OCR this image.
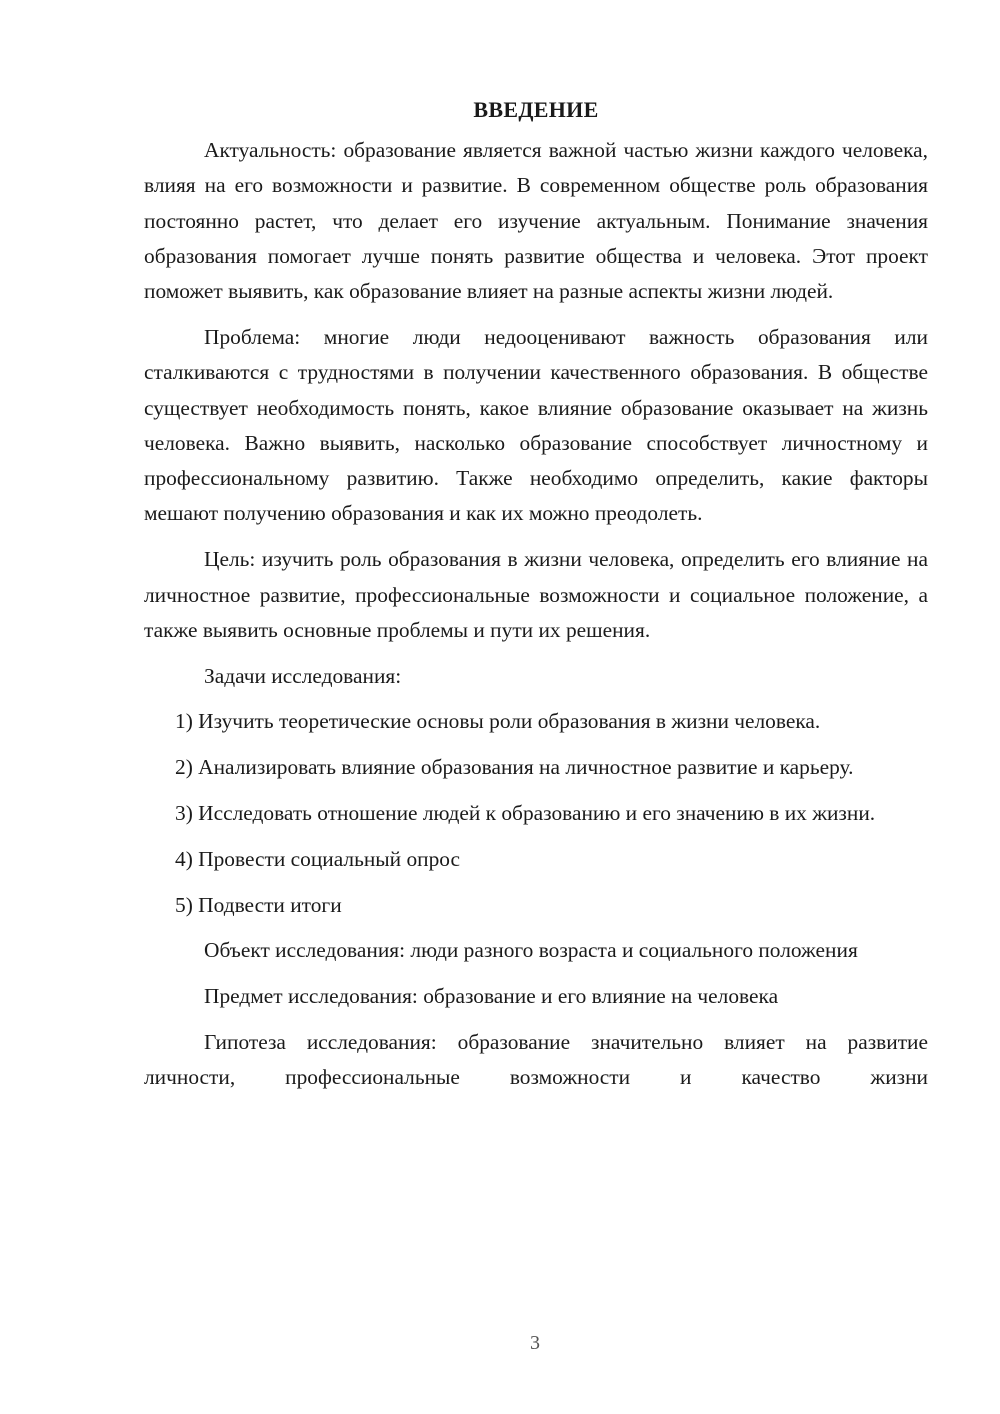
ВВЕДЕНИЕ

Актуальность: образование является важной частью жизни каждого человека, влияя на его возможности и развитие. В современном обществе роль образования постоянно растет, что делает его изучение актуальным. Понимание значения образования помогает лучше понять развитие общества и человека. Этот проект поможет выявить, как образование влияет на разные аспекты жизни людей.

Проблема: многие люди недооценивают важность образования или сталкиваются с трудностями в получении качественного образования. В обществе существует необходимость понять, какое влияние образование оказывает на жизнь человека. Важно выявить, насколько образование способствует личностному и профессиональному развитию. Также необходимо определить, какие факторы мешают получению образования и как их можно преодолеть.

Цель: изучить роль образования в жизни человека, определить его влияние на личностное развитие, профессиональные возможности и социальное положение, а также выявить основные проблемы и пути их решения.

Задачи исследования:

1) Изучить теоретические основы роли образования в жизни человека.

2) Анализировать влияние образования на личностное развитие и карьеру.

3) Исследовать отношение людей к образованию и его значению в их жизни.

4) Провести социальный опрос

5) Подвести итоги

Объект исследования: люди разного возраста и социального положения

Предмет исследования: образование и его влияние на человека

Гипотеза исследования: образование значительно влияет на развитие личности, профессиональные возможности и качество жизни

3
